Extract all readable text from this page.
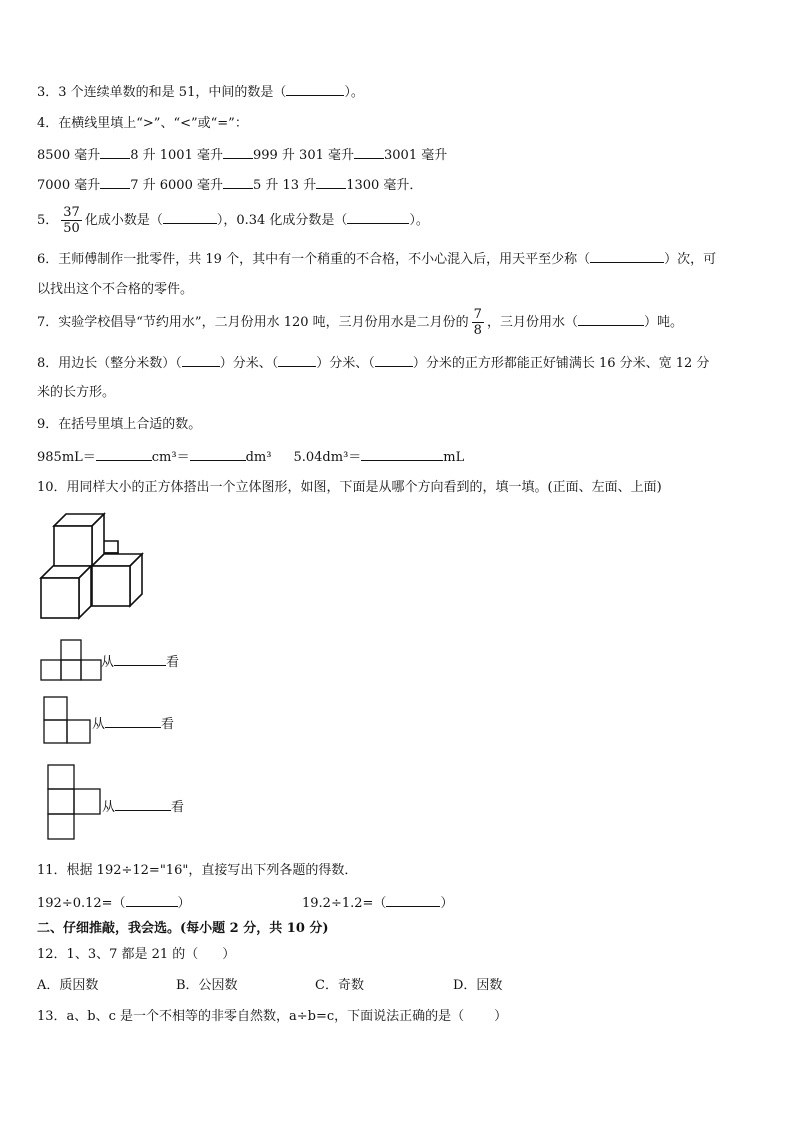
3．3 个连续单数的和是 51，中间的数是（	）。
4．在横线里填上“>”、“<”或“=”：
8500 毫升 8 升 1001 毫升 999 升 301 毫升 3001 毫升
7000 毫升 7 升 6000 毫升 5 升 13 升 1300 毫升．
5． $\frac{37}{50}$ 化成小数是（	），0.34 化成分数是（	）。
6．王师傅制作一批零件，共 19 个，其中有一个稍重的不合格，不小心混入后，用天平至少称（	）次，可
以找出这个不合格的零件。
7．实验学校倡导“节约用水”，二月份用水 120 吨，三月份用水是二月份的 $\frac{7}{8}$ ，三月份用水（	）吨。
8．用边长（整分米数）（	）分米、（	）分米、（	）分米的正方形都能正好铺满长 16 分米、宽 12 分
米的长方形。
9．在括号里填上合适的数。
985mL＝	cm³＝	dm³ 5.04dm³＝	mL
10．用同样大小的正方体搭出一个立体图形，如图，下面是从哪个方向看到的，填一填。(正面、左面、上面)
从	看
从	看
从	看
11．根据 192÷12="16"，直接写出下列各题的得数．
192÷0.12=（	）	19.2÷1.2=（	）
二、仔细推敲，我会选。(每小题 2 分，共 10 分)
12．1、3、7 都是 21 的（ ）
A．质因数	B．公因数	C．奇数	D．因数
13．a、b、c 是一个不相等的非零自然数，a÷b=c，下面说法正确的是（ ）
